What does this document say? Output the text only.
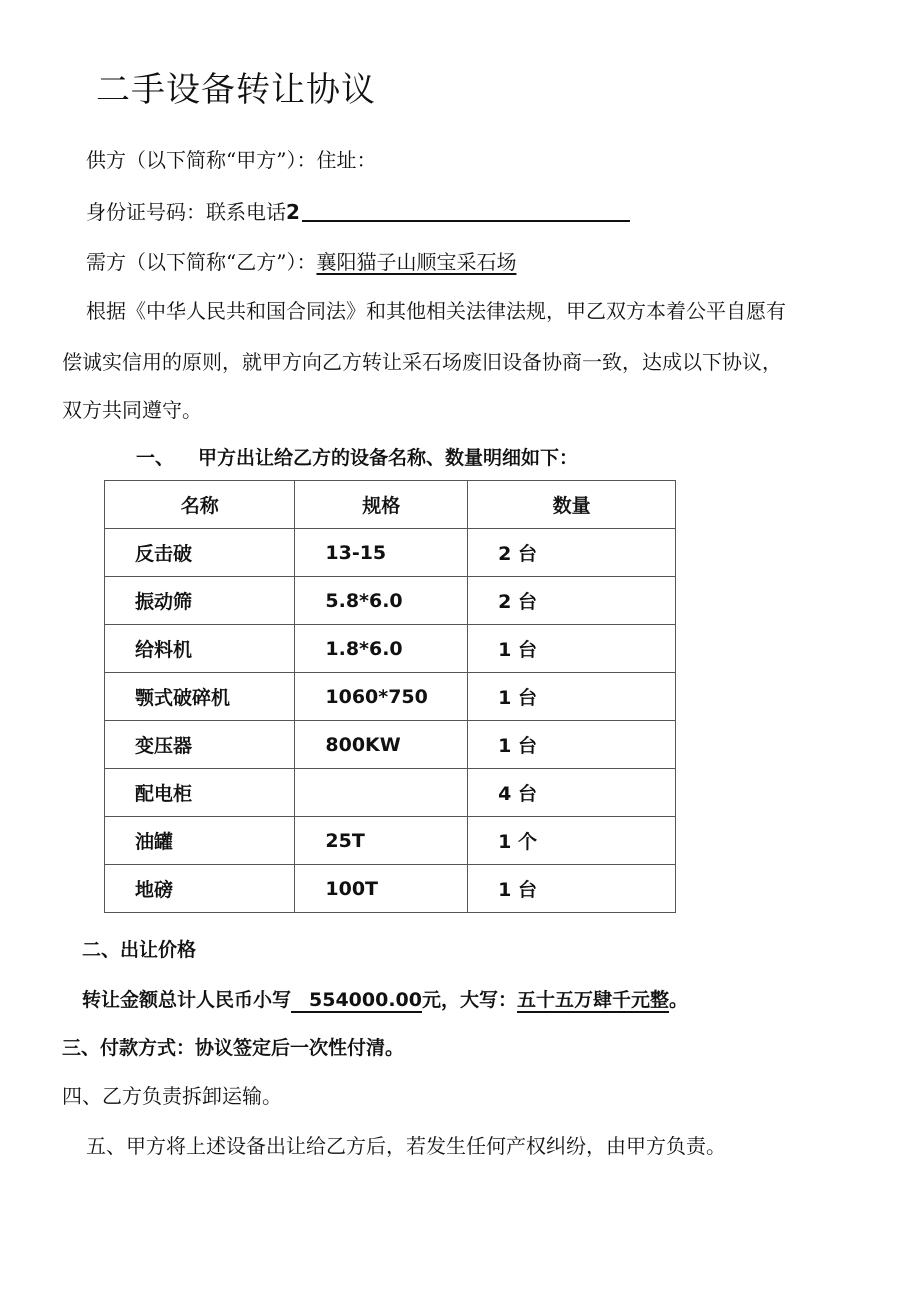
二手设备转让协议
供方（以下简称“甲方”）：住址：
身份证号码：联系电话2
需方（以下简称“乙方”）：襄阳猫子山顺宝采石场
根据《中华人民共和国合同法》和其他相关法律法规，甲乙双方本着公平自愿有
偿诚实信用的原则，就甲方向乙方转让采石场废旧设备协商一致，达成以下协议，
双方共同遵守。
一、 甲方出让给乙方的设备名称、数量明细如下：
名称	规格	数量
反击破	13-15	2 台
振动筛	5.8*6.0	2 台
给料机	1.8*6.0	1 台
颚式破碎机	1060*750	1 台
变压器	800KW	1 台
配电柜		4 台
油罐	25T	1 个
地磅	100T	1 台
二、出让价格
转让金额总计人民币小写 554000.00元，大写：五十五万肆千元整。
三、付款方式：协议签定后一次性付清。
四、乙方负责拆卸运输。
五、甲方将上述设备出让给乙方后，若发生任何产权纠纷，由甲方负责。
